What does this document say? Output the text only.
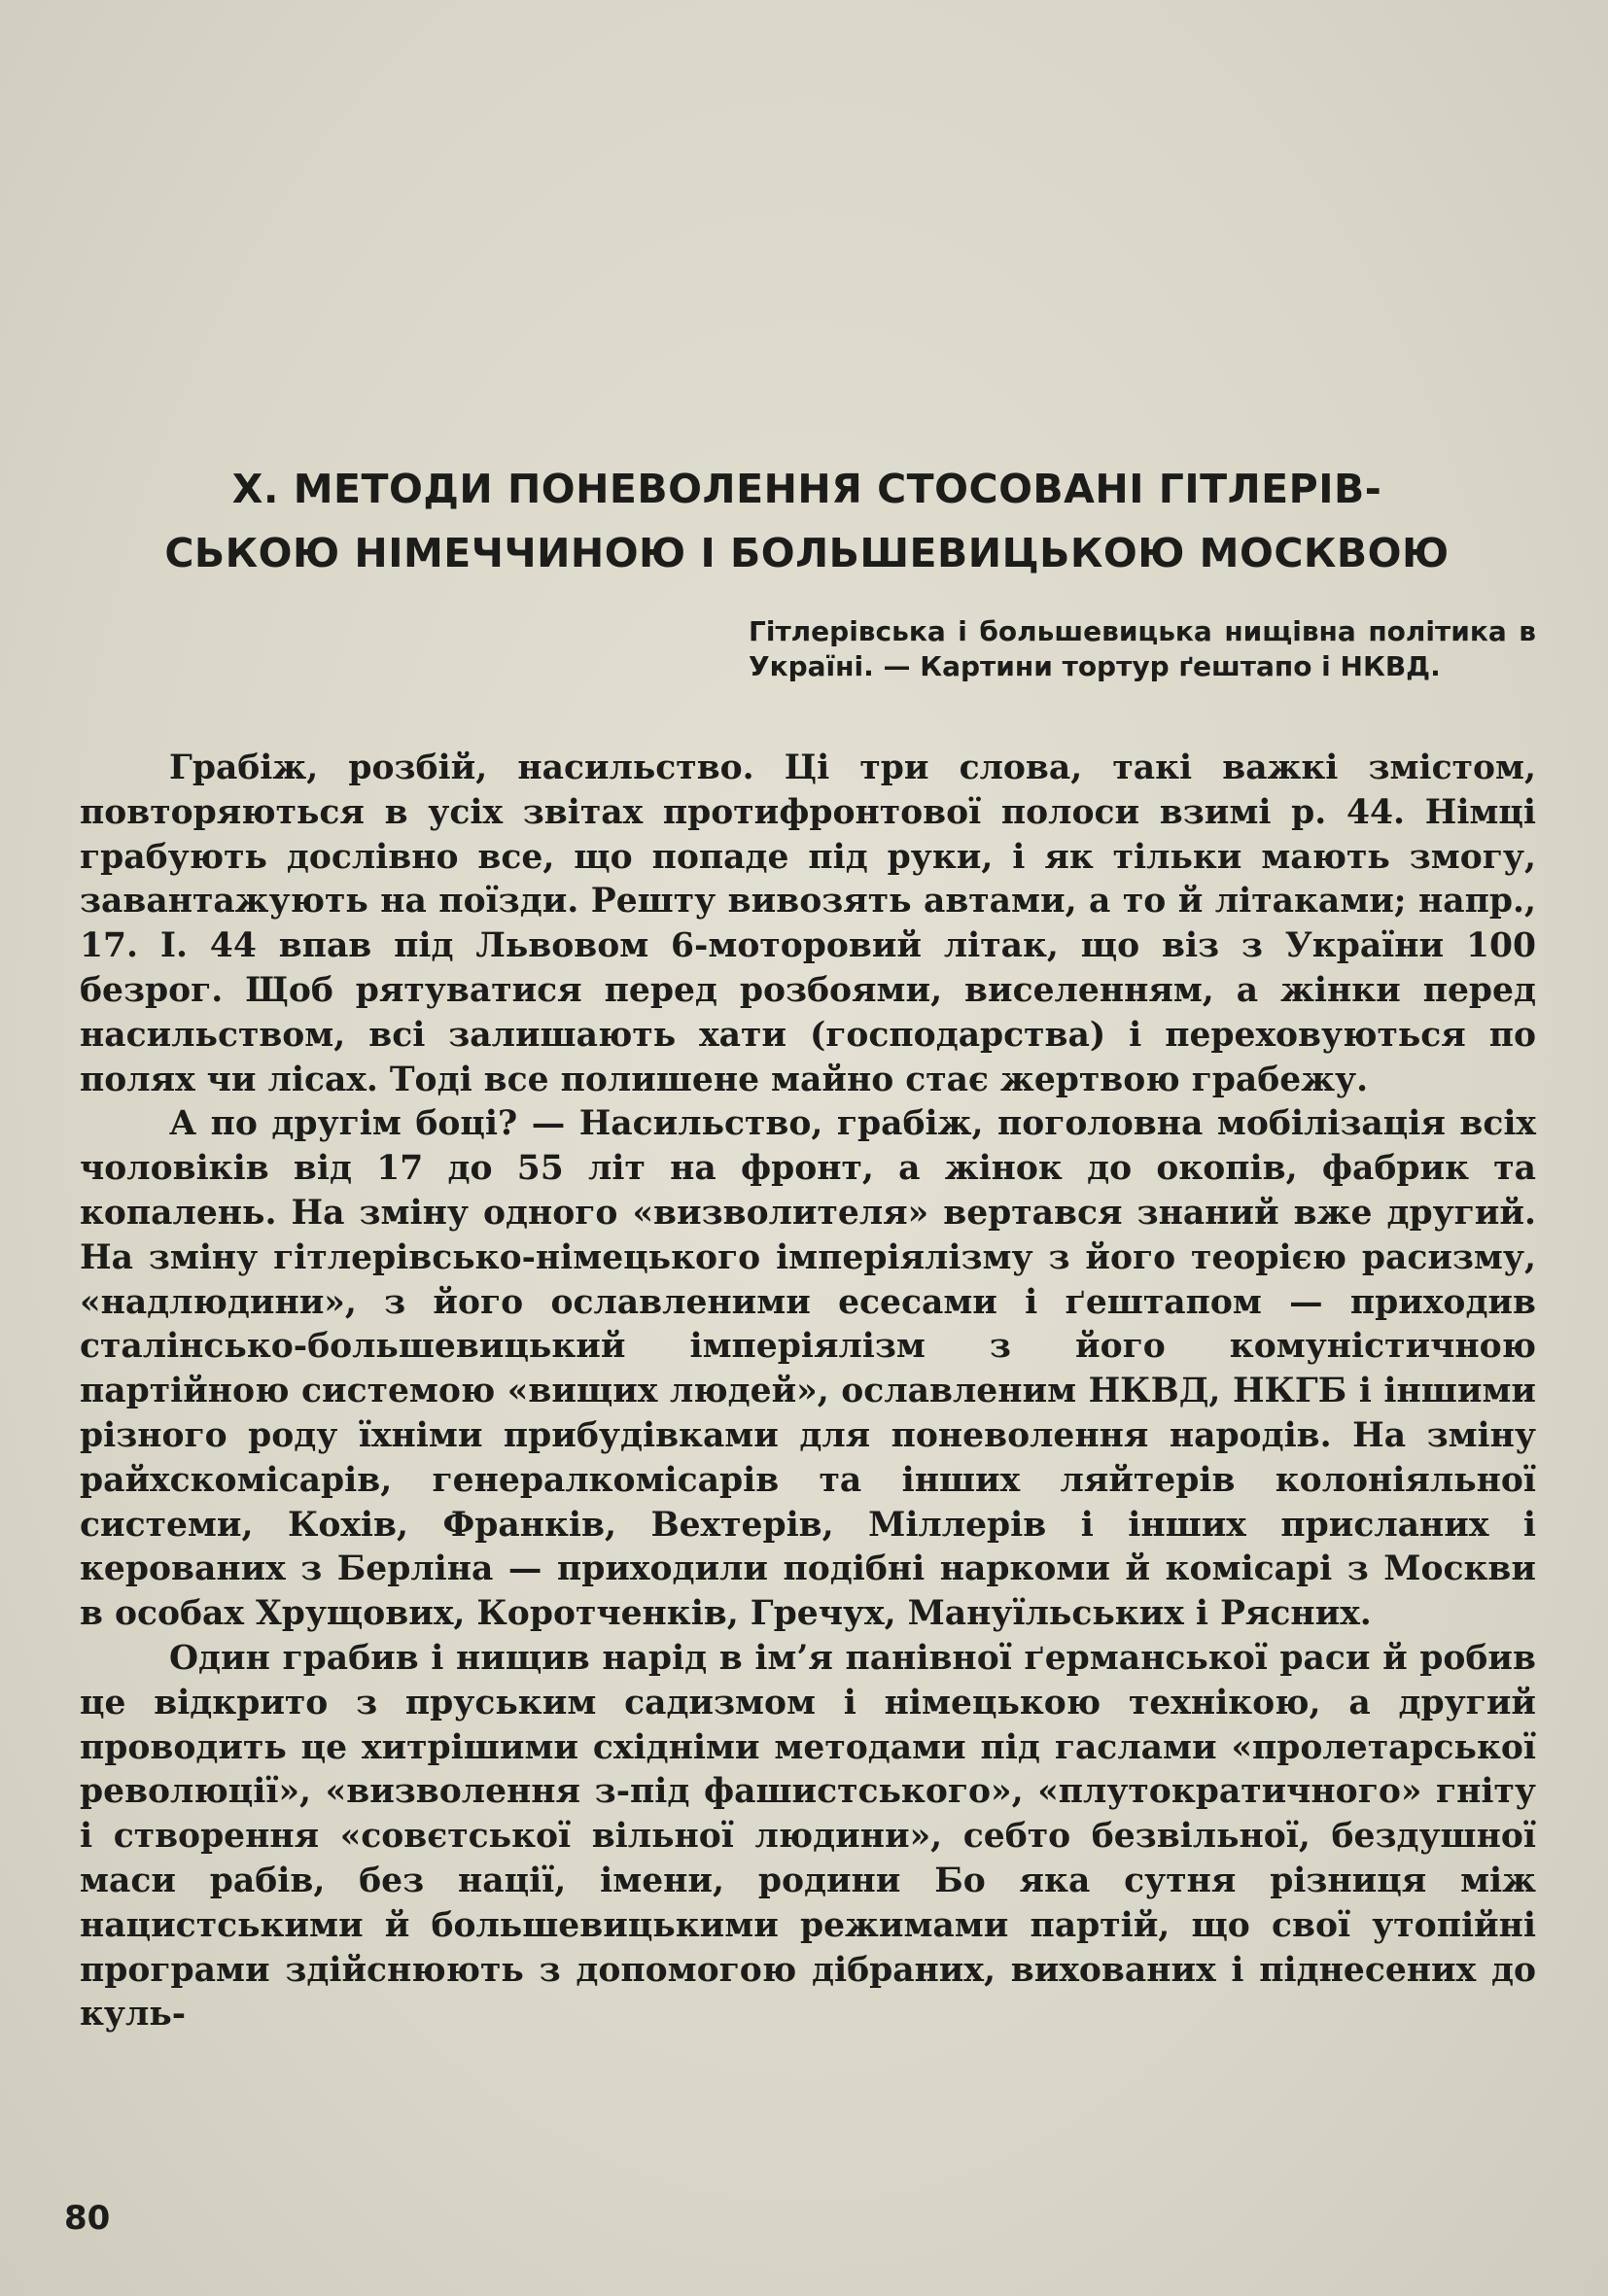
X. МЕТОДИ ПОНЕВОЛЕННЯ СТОСОВАНІ ГІТЛЕРІВ-
СЬКОЮ НІМЕЧЧИНОЮ І БОЛЬШЕВИЦЬКОЮ МОСКВОЮ
Гітлерівська і большевицька нищівна політика в Україні. — Картини тортур ґештапо і НКВД.

Грабіж, розбій, насильство. Ці три слова, такі важкі змістом, повторяються в усіх звітах протифронтової полоси взимі р. 44. Німці грабують дослівно все, що попаде під руки, і як тільки мають змогу, завантажують на поїзди. Решту вивозять автами, а то й літаками; напр., 17. I. 44 впав під Львовом 6-моторовий літак, що віз з України 100 безрог. Щоб рятуватися перед розбоями, виселенням, а жінки перед насильством, всі залишають хати (господарства) і переховуються по полях чи лісах. Тоді все полишене майно стає жертвою грабежу.

А по другім боці? — Насильство, грабіж, поголовна мобілізація всіх чоловіків від 17 до 55 літ на фронт, а жінок до окопів, фабрик та копалень. На зміну одного «визволителя» вертався знаний вже другий. На зміну гітлерівсько-німецького імперіялізму з його теорією расизму, «надлюдини», з його ославленими есесами і ґештапом — приходив сталінсько-большевицький імперіялізм з його комуністичною партійною системою «вищих людей», ославленим НКВД, НКГБ і іншими різного роду їхніми прибудівками для поневолення народів. На зміну райхскомісарів, генералкомісарів та інших ляйтерів колоніяльної системи, Кохів, Франків, Вехтерів, Міллерів і інших присланих і керованих з Берліна — приходили подібні наркоми й комісарі з Москви в особах Хрущових, Коротченків, Гречух, Мануїльських і Рясних.

Один грабив і нищив нарід в ім’я панівної ґерманської раси й робив це відкрито з пруським садизмом і німецькою технікою, а другий проводить це хитрішими східніми методами під гаслами «пролетарської революції», «визволення з-під фашистського», «плутократичного» гніту і створення «совєтської вільної людини», себто безвільної, бездушної маси рабів, без нації, імени, родини Бо яка сутня різниця між нацистськими й большевицькими режимами партій, що свої утопійні програми здійснюють з допомогою дібраних, вихованих і піднесених до куль-

80
